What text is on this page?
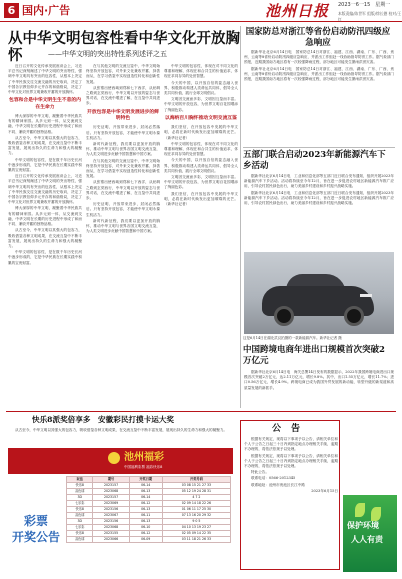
6 国内·广告	池州日报 2023一6一15　星期一
本版责编/陈世军 组版/徐长德 校对/王红
从中华文明包容性看中华文化开放胸怀	——中华文明的突出特性系列述评之五

近日召开的文化传承发展座谈会上，习近平总书记深刻阐述了中华文明的突出特性，强调中华文明具有突出的包容性，从根本上决定了中华民族交往交流交融的历史取向，决定了中国各宗教信仰多元并存的和谐格局，决定了中华文化对世界文明兼收并蓄的开放胸怀。

包容和合是中华文明生生不息的内在生命力

博大深厚的中华文明，凝聚着中华民族共有的精神家园。从多元到一体，从交流到交融，中华文明在长期的历史进程中形成了和而不同、兼收并蓄的独特品格。

从古至今，中华文明以其强大的包容力，吸收借鉴各种文明成果，在交流互鉴中不断丰富发展，展现出持久的生命力和强大的凝聚力。

中华文明的包容性，是在数千年历史长河中逐步形成的，它是中华民族在长期实践中积累的宝贵财富。

近日召开的文化传承发展座谈会上，习近平总书记深刻阐述了中华文明的突出特性，强调中华文明具有突出的包容性，从根本上决定了中华民族交往交流交融的历史取向，决定了中国各宗教信仰多元并存的和谐格局，决定了中华文化对世界文明兼收并蓄的开放胸怀。

博大深厚的中华文明，凝聚着中华民族共有的精神家园。从多元到一体，从交流到交融，中华文明在长期的历史进程中形成了和而不同、兼收并蓄的独特品格。

从古至今，中华文明以其强大的包容力，吸收借鉴各种文明成果，在交流互鉴中不断丰富发展，展现出持久的生命力和强大的凝聚力。

中华文明的包容性，是在数千年历史长河中逐步形成的，它是中华民族在长期实践中积累的宝贵财富。

在与其他文明的交流互鉴中，中华文明始终坚持开放包容，对外来文化兼收并蓄、择善而从，在学习借鉴中实现创造性转化和创新性发展。

从张骞出使西域到郑和七下西洋，从丝绸之路到玄奘西行，中华文明以开放的姿态与世界对话，在交流中增进了解，在互鉴中共同进步。

开放包容是中华文明发展进步的鲜明特色

历史证明，开放带来进步，封闭必然落后。只有坚持开放包容，才能使中华文明永葆生机活力。

新时代新征程，我们要以更加开放的胸怀，推动中华文明与世界各国文明交流互鉴，为人类文明进步贡献中国智慧和中国方案。

在与其他文明的交流互鉴中，中华文明始终坚持开放包容，对外来文化兼收并蓄、择善而从，在学习借鉴中实现创造性转化和创新性发展。

从张骞出使西域到郑和七下西洋，从丝绸之路到玄奘西行，中华文明以开放的姿态与世界对话，在交流中增进了解，在互鉴中共同进步。

历史证明，开放带来进步，封闭必然落后。只有坚持开放包容，才能使中华文明永葆生机活力。

新时代新征程，我们要以更加开放的胸怀，推动中华文明与世界各国文明交流互鉴，为人类文明进步贡献中国智慧和中国方案。

中华文明的包容性，体现在对不同文化的尊重和理解，体现在和合共生的价值追求，体现在求同存异的处世智慧。

今天的中国，以开放自信的姿态融入世界，积极推动构建人类命运共同体，倡导全人类共同价值，践行全球文明倡议。

文明因交流而多彩，文明因互鉴而丰富。中华文明的开放包容，为世界文明百花园增添了绚丽色彩。

以海纳百川胸怀推动文明交流互鉴

我们坚信，在开放包容中发展的中华文明，必将在新时代焕发出更加璀璨的光芒。（新华社记者）

中华文明的包容性，体现在对不同文化的尊重和理解，体现在和合共生的价值追求，体现在求同存异的处世智慧。

今天的中国，以开放自信的姿态融入世界，积极推动构建人类命运共同体，倡导全人类共同价值，践行全球文明倡议。

文明因交流而多彩，文明因互鉴而丰富。中华文明的开放包容，为世界文明百花园增添了绚丽色彩。

我们坚信，在开放包容中发展的中华文明，必将在新时代焕发出更加璀璨的光芒。（新华社记者）

国家防总对浙江等省份启动防汛四级应急响应

据新华社北京6月14日电　国家防总14日对浙江、福建、江西、湖南、广东、广西、贵州、云南等8省份启动防汛四级应急响应，并派出工作组赴一线协助指导防汛工作。据气象部门预报，近期我国南方地区将有一次较强降雨过程，部分地区可能发生暴雨洪涝灾害。

据新华社北京6月14日电　国家防总14日对浙江、福建、江西、湖南、广东、广西、贵州、云南等8省份启动防汛四级应急响应，并派出工作组赴一线协助指导防汛工作。据气象部门预报，近期我国南方地区将有一次较强降雨过程，部分地区可能发生暴雨洪涝灾害。

五部门联合启动2023年新能源汽车下乡活动

据新华社北京6月14日电　工业和信息化部等五部门近日联合发布通知，组织开展2023年新能源汽车下乡活动。活动将持续至今年12月，旨在进一步促进农村地区新能源汽车推广应用，引导农村居民绿色出行，助力美丽乡村建设和乡村振兴战略实施。

据新华社北京6月14日电　工业和信息化部等五部门近日联合发布通知，组织开展2023年新能源汽车下乡活动。活动将持续至今年12月，旨在进一步促进农村地区新能源汽车推广应用，引导农村居民绿色出行，助力美丽乡村建设和乡村振兴战略实施。

这是6月14日在湖北武汉拍摄的一款新能源汽车。新华社记者 摄
中国跨境电商年进出口规模首次突破2万亿元

据新华社北京6月14日电　海关总署14日发布的数据显示，2022年我国跨境电商进出口规模首次突破2万亿元，达2.11万亿元，增长9.8%。其中，出口1.55万亿元，增长11.7%；进口0.56万亿元，增长4.9%。跨境电商已成为我国外贸发展的新动能、转型升级的新渠道和高质量发展的新抓手。

快乐8派奖倍享多　安徽彩民打摸卡运大奖

从古至今，中华文明以其强大的包容力，吸收借鉴各种文明成果，在交流互鉴中不断丰富发展，展现出持久的生命力和强大的凝聚力。

池州福彩
中国福利彩票 福彩快乐8
彩票
开奖公告
玩法	期号	开奖日期	开奖号码
快乐8	2023157	06-14	03 08 15 21 27 33
双色球	2023068	06-13	05 12 19 24 28 31
3D	2023157	06-14	4 7 2
七乐彩	2023069	06-12	02 09 14 18 22 26
快乐8	2023156	06-13	01 06 11 17 25 30
双色球	2023067	06-11	07 13 16 20 29 32
3D	2023156	06-13	9 0 5
七乐彩	2023068	06-10	04 10 13 19 23 27
快乐8	2023155	06-12	02 05 09 14 22 35
双色球	2023066	06-09	03 11 18 21 26 33
公告

根据有关规定，现将以下事项予以公告，请相关单位和个人于公告之日起三十日内到指定地点办理相关手续，逾期不办理的，将依法依规予以处理。

根据有关规定，现将以下事项予以公告，请相关单位和个人于公告之日起三十日内到指定地点办理相关手续，逾期不办理的，将依法依规予以处理。

特此公告。

联系电话：0566-2012345

联系地址：池州市贵池区长江中路

2023年6月15日

保护环境
人人有责
